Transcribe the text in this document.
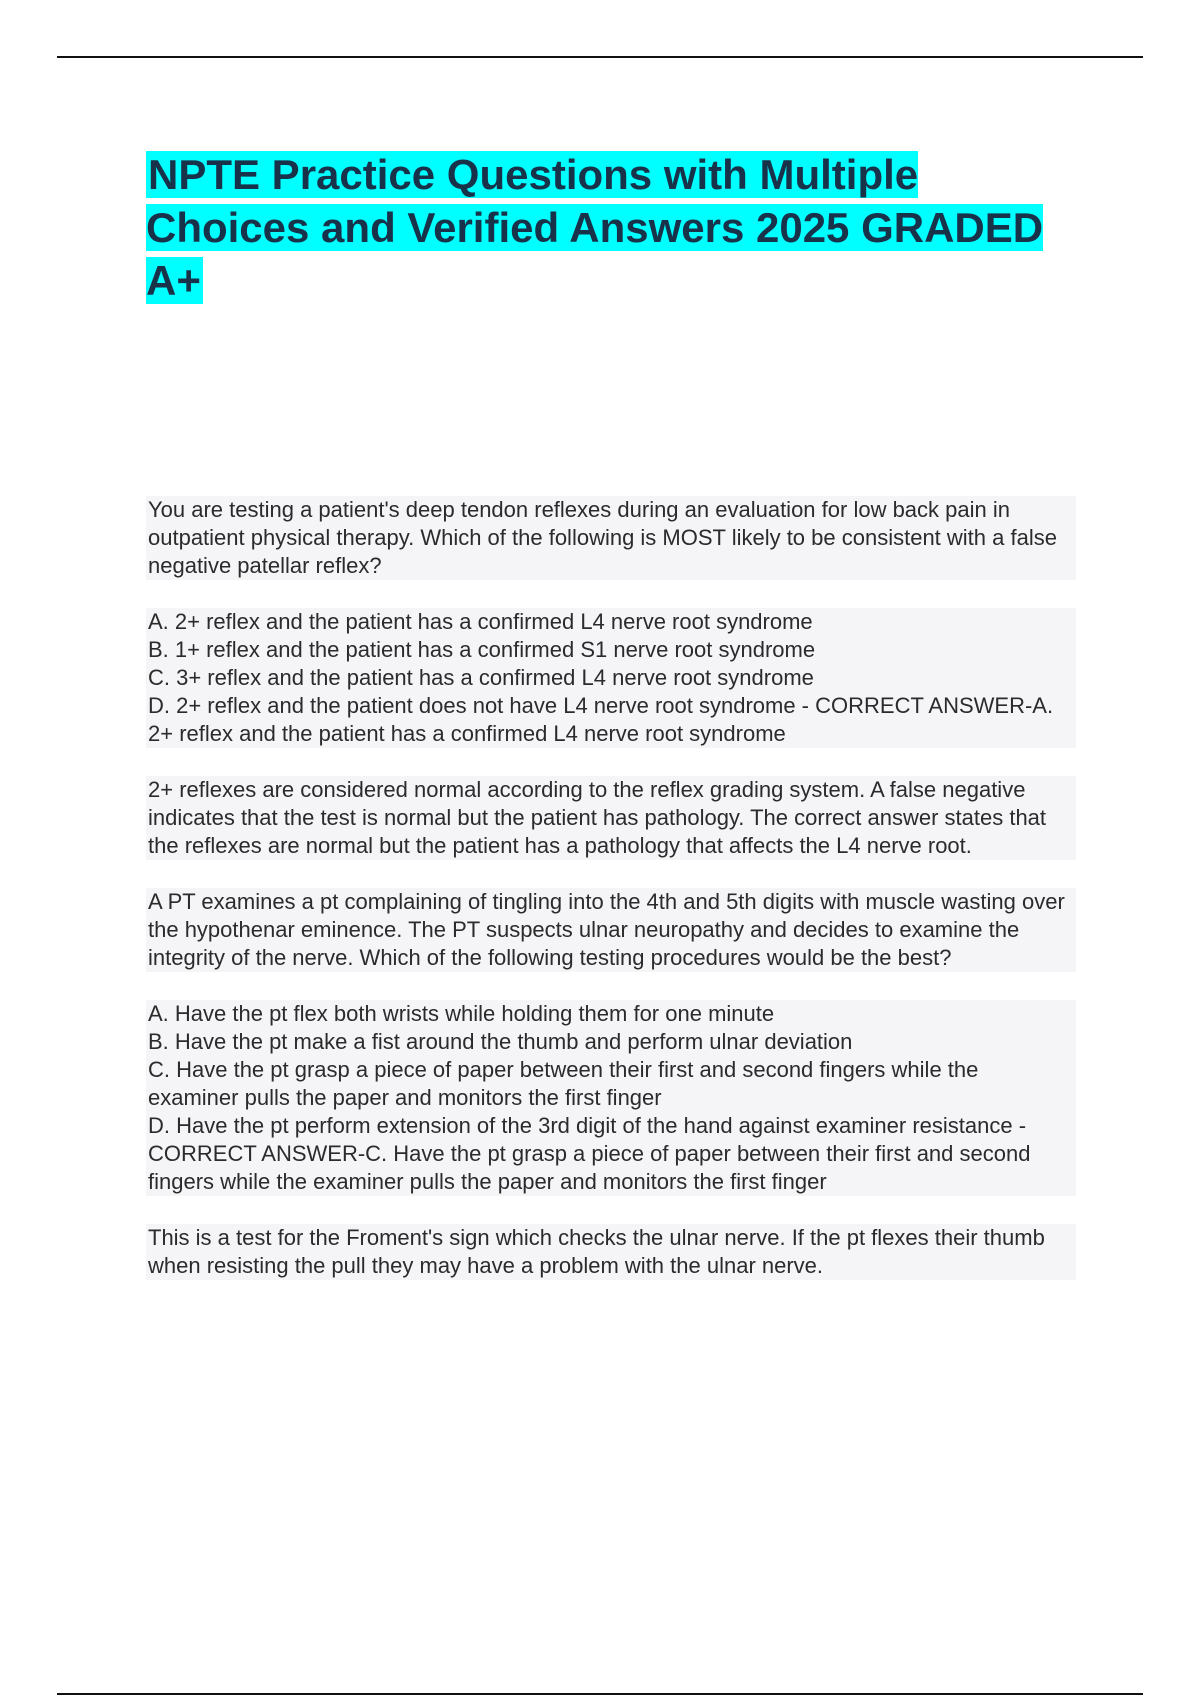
NPTE Practice Questions with Multiple Choices and Verified Answers 2025 GRADED A+
You are testing a patient's deep tendon reflexes during an evaluation for low back pain in outpatient physical therapy. Which of the following is MOST likely to be consistent with a false negative patellar reflex?
A. 2+ reflex and the patient has a confirmed L4 nerve root syndrome
B. 1+ reflex and the patient has a confirmed S1 nerve root syndrome
C. 3+ reflex and the patient has a confirmed L4 nerve root syndrome
D. 2+ reflex and the patient does not have L4 nerve root syndrome - CORRECT ANSWER-A. 2+ reflex and the patient has a confirmed L4 nerve root syndrome
2+ reflexes are considered normal according to the reflex grading system. A false negative indicates that the test is normal but the patient has pathology. The correct answer states that the reflexes are normal but the patient has a pathology that affects the L4 nerve root.
A PT examines a pt complaining of tingling into the 4th and 5th digits with muscle wasting over the hypothenar eminence. The PT suspects ulnar neuropathy and decides to examine the integrity of the nerve. Which of the following testing procedures would be the best?
A. Have the pt flex both wrists while holding them for one minute
B. Have the pt make a fist around the thumb and perform ulnar deviation
C. Have the pt grasp a piece of paper between their first and second fingers while the examiner pulls the paper and monitors the first finger
D. Have the pt perform extension of the 3rd digit of the hand against examiner resistance - CORRECT ANSWER-C. Have the pt grasp a piece of paper between their first and second fingers while the examiner pulls the paper and monitors the first finger
This is a test for the Froment's sign which checks the ulnar nerve. If the pt flexes their thumb when resisting the pull they may have a problem with the ulnar nerve.
